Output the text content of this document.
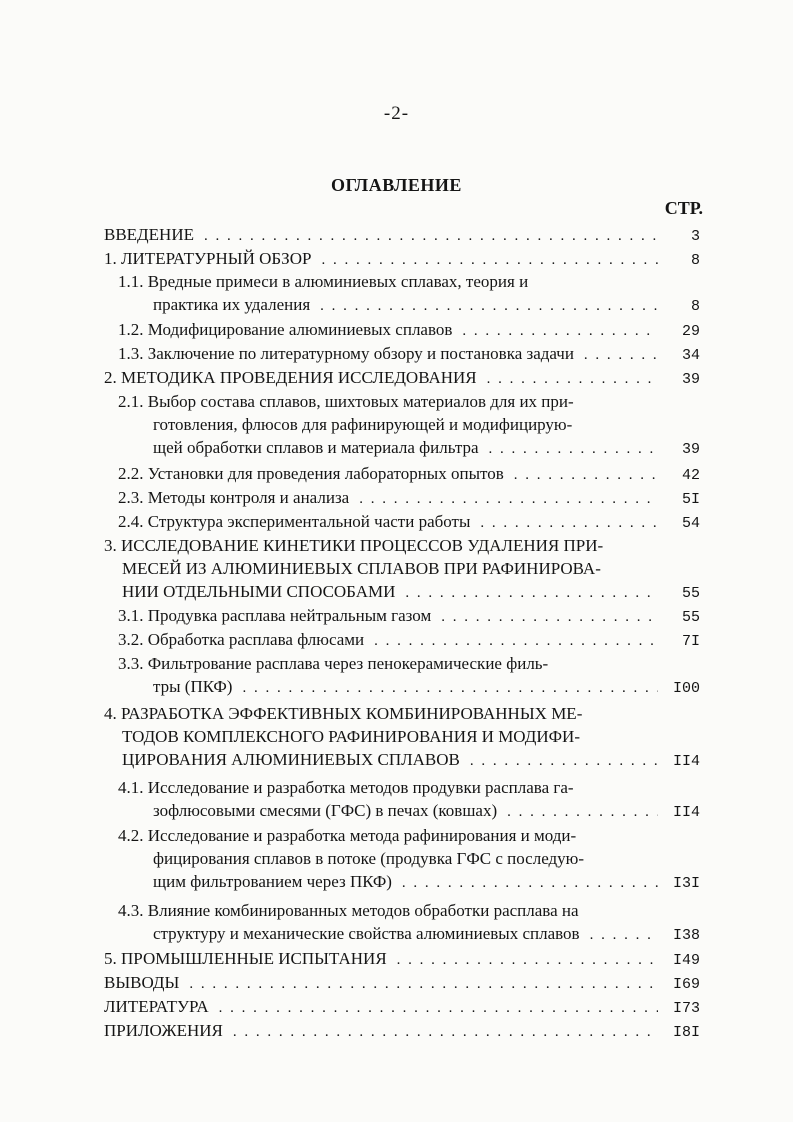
-2-
ОГЛАВЛЕНИЕ
СТР.
ВВЕДЕНИЕ . . .	3
1. ЛИТЕРАТУРНЫЙ ОБЗОР . . .	8
1.1. Вредные примеси в алюминиевых сплавах, теория и
практика их удаления . . .	8
1.2. Модифицирование алюминиевых сплавов . . .	29
1.3. Заключение по литературному обзору и постановка задачи . . .	34
2. МЕТОДИКА ПРОВЕДЕНИЯ ИССЛЕДОВАНИЯ . . .	39
2.1. Выбор состава сплавов, шихтовых материалов для их при-
готовления, флюсов для рафинирующей и модифицирую-
щей обработки сплавов и материала фильтра . . .	39
2.2. Установки для проведения лабораторных опытов . . .	42
2.3. Методы контроля и анализа . . .	5I
2.4. Структура экспериментальной части работы . . .	54
3. ИССЛЕДОВАНИЕ КИНЕТИКИ ПРОЦЕССОВ УДАЛЕНИЯ ПРИ-
МЕСЕЙ ИЗ АЛЮМИНИЕВЫХ СПЛАВОВ ПРИ РАФИНИРОВА-
НИИ ОТДЕЛЬНЫМИ СПОСОБАМИ . . .	55
3.1. Продувка расплава нейтральным газом . . .	55
3.2. Обработка расплава флюсами . . .	7I
3.3. Фильтрование расплава через пенокерамические филь-
тры (ПКФ) . . .	I00
4. РАЗРАБОТКА ЭФФЕКТИВНЫХ КОМБИНИРОВАННЫХ МЕ-
ТОДОВ КОМПЛЕКСНОГО РАФИНИРОВАНИЯ И МОДИФИ-
ЦИРОВАНИЯ АЛЮМИНИЕВЫХ СПЛАВОВ . . .	II4
4.1. Исследование и разработка методов продувки расплава га-
зофлюсовыми смесями (ГФС) в печах (ковшах) . . .	II4
4.2. Исследование и разработка метода рафинирования и моди-
фицирования сплавов в потоке (продувка ГФС с последую-
щим фильтрованием через ПКФ) . . .	I3I
4.3. Влияние комбинированных методов обработки расплава на
структуру и механические свойства алюминиевых сплавов . . .	I38
5. ПРОМЫШЛЕННЫЕ ИСПЫТАНИЯ . . .	I49
ВЫВОДЫ . . .	I69
ЛИТЕРАТУРА . . .	I73
ПРИЛОЖЕНИЯ . . .	I8I
